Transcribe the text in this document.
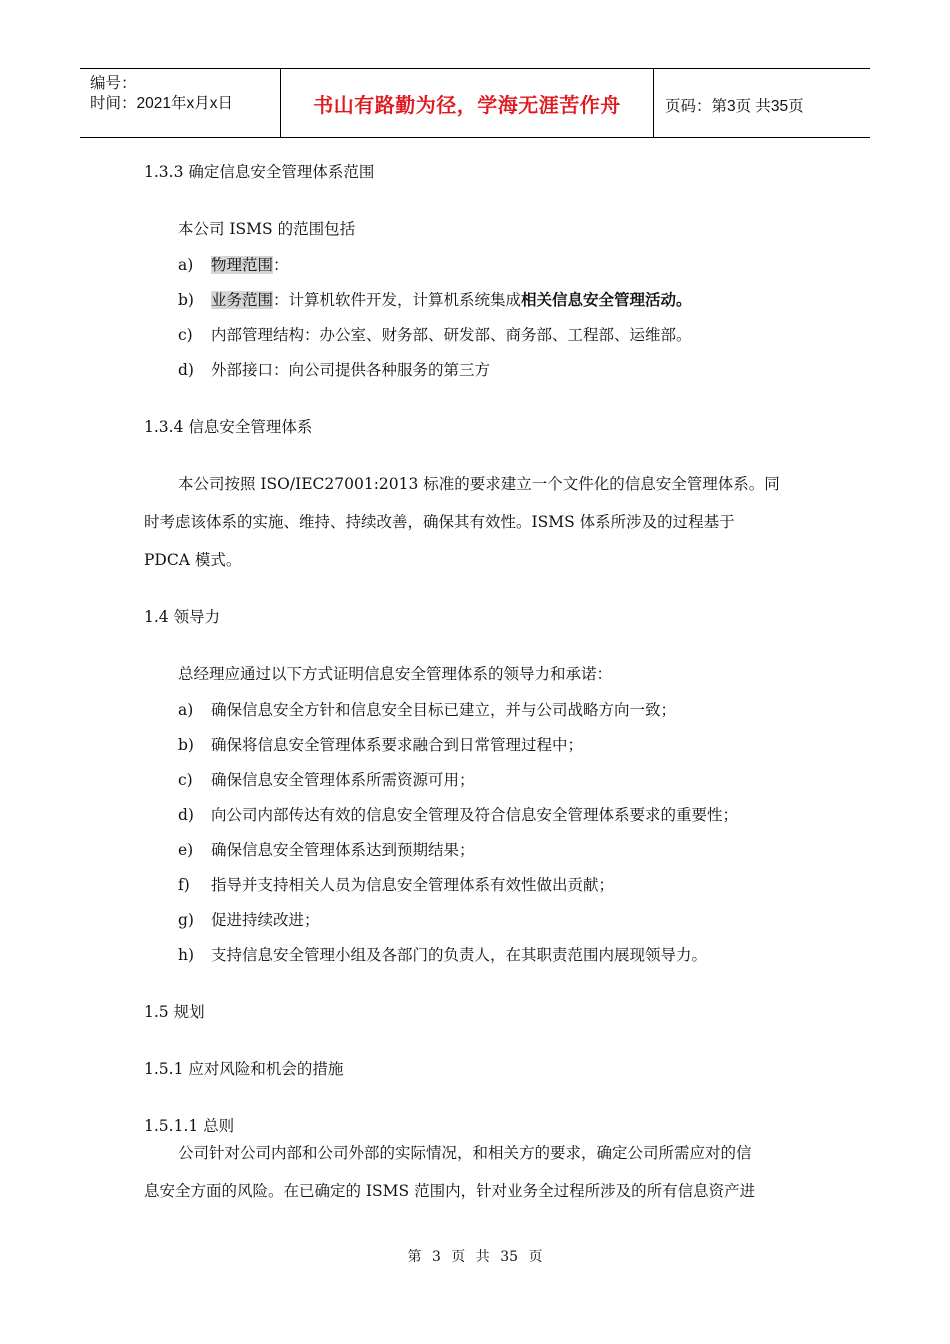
编号：
时间：2021年x月x日	书山有路勤为径，学海无涯苦作舟	页码：第3页 共35页
1.3.3 确定信息安全管理体系范围
本公司 ISMS 的范围包括
a) 物理范围：
b) 业务范围：计算机软件开发，计算机系统集成相关信息安全管理活动。
c) 内部管理结构：办公室、财务部、研发部、商务部、工程部、运维部。
d) 外部接口：向公司提供各种服务的第三方
1.3.4 信息安全管理体系
本公司按照 ISO/IEC27001:2013 标准的要求建立一个文件化的信息安全管理体系。同
时考虑该体系的实施、维持、持续改善，确保其有效性。ISMS 体系所涉及的过程基于
PDCA 模式。
1.4 领导力
总经理应通过以下方式证明信息安全管理体系的领导力和承诺：
a) 确保信息安全方针和信息安全目标已建立，并与公司战略方向一致；
b) 确保将信息安全管理体系要求融合到日常管理过程中；
c) 确保信息安全管理体系所需资源可用；
d) 向公司内部传达有效的信息安全管理及符合信息安全管理体系要求的重要性；
e) 确保信息安全管理体系达到预期结果；
f) 指导并支持相关人员为信息安全管理体系有效性做出贡献；
g) 促进持续改进；
h) 支持信息安全管理小组及各部门的负责人，在其职责范围内展现领导力。
1.5 规划
1.5.1 应对风险和机会的措施
1.5.1.1 总则
公司针对公司内部和公司外部的实际情况，和相关方的要求，确定公司所需应对的信
息安全方面的风险。在已确定的 ISMS 范围内，针对业务全过程所涉及的所有信息资产进
第 3 页 共 35 页
